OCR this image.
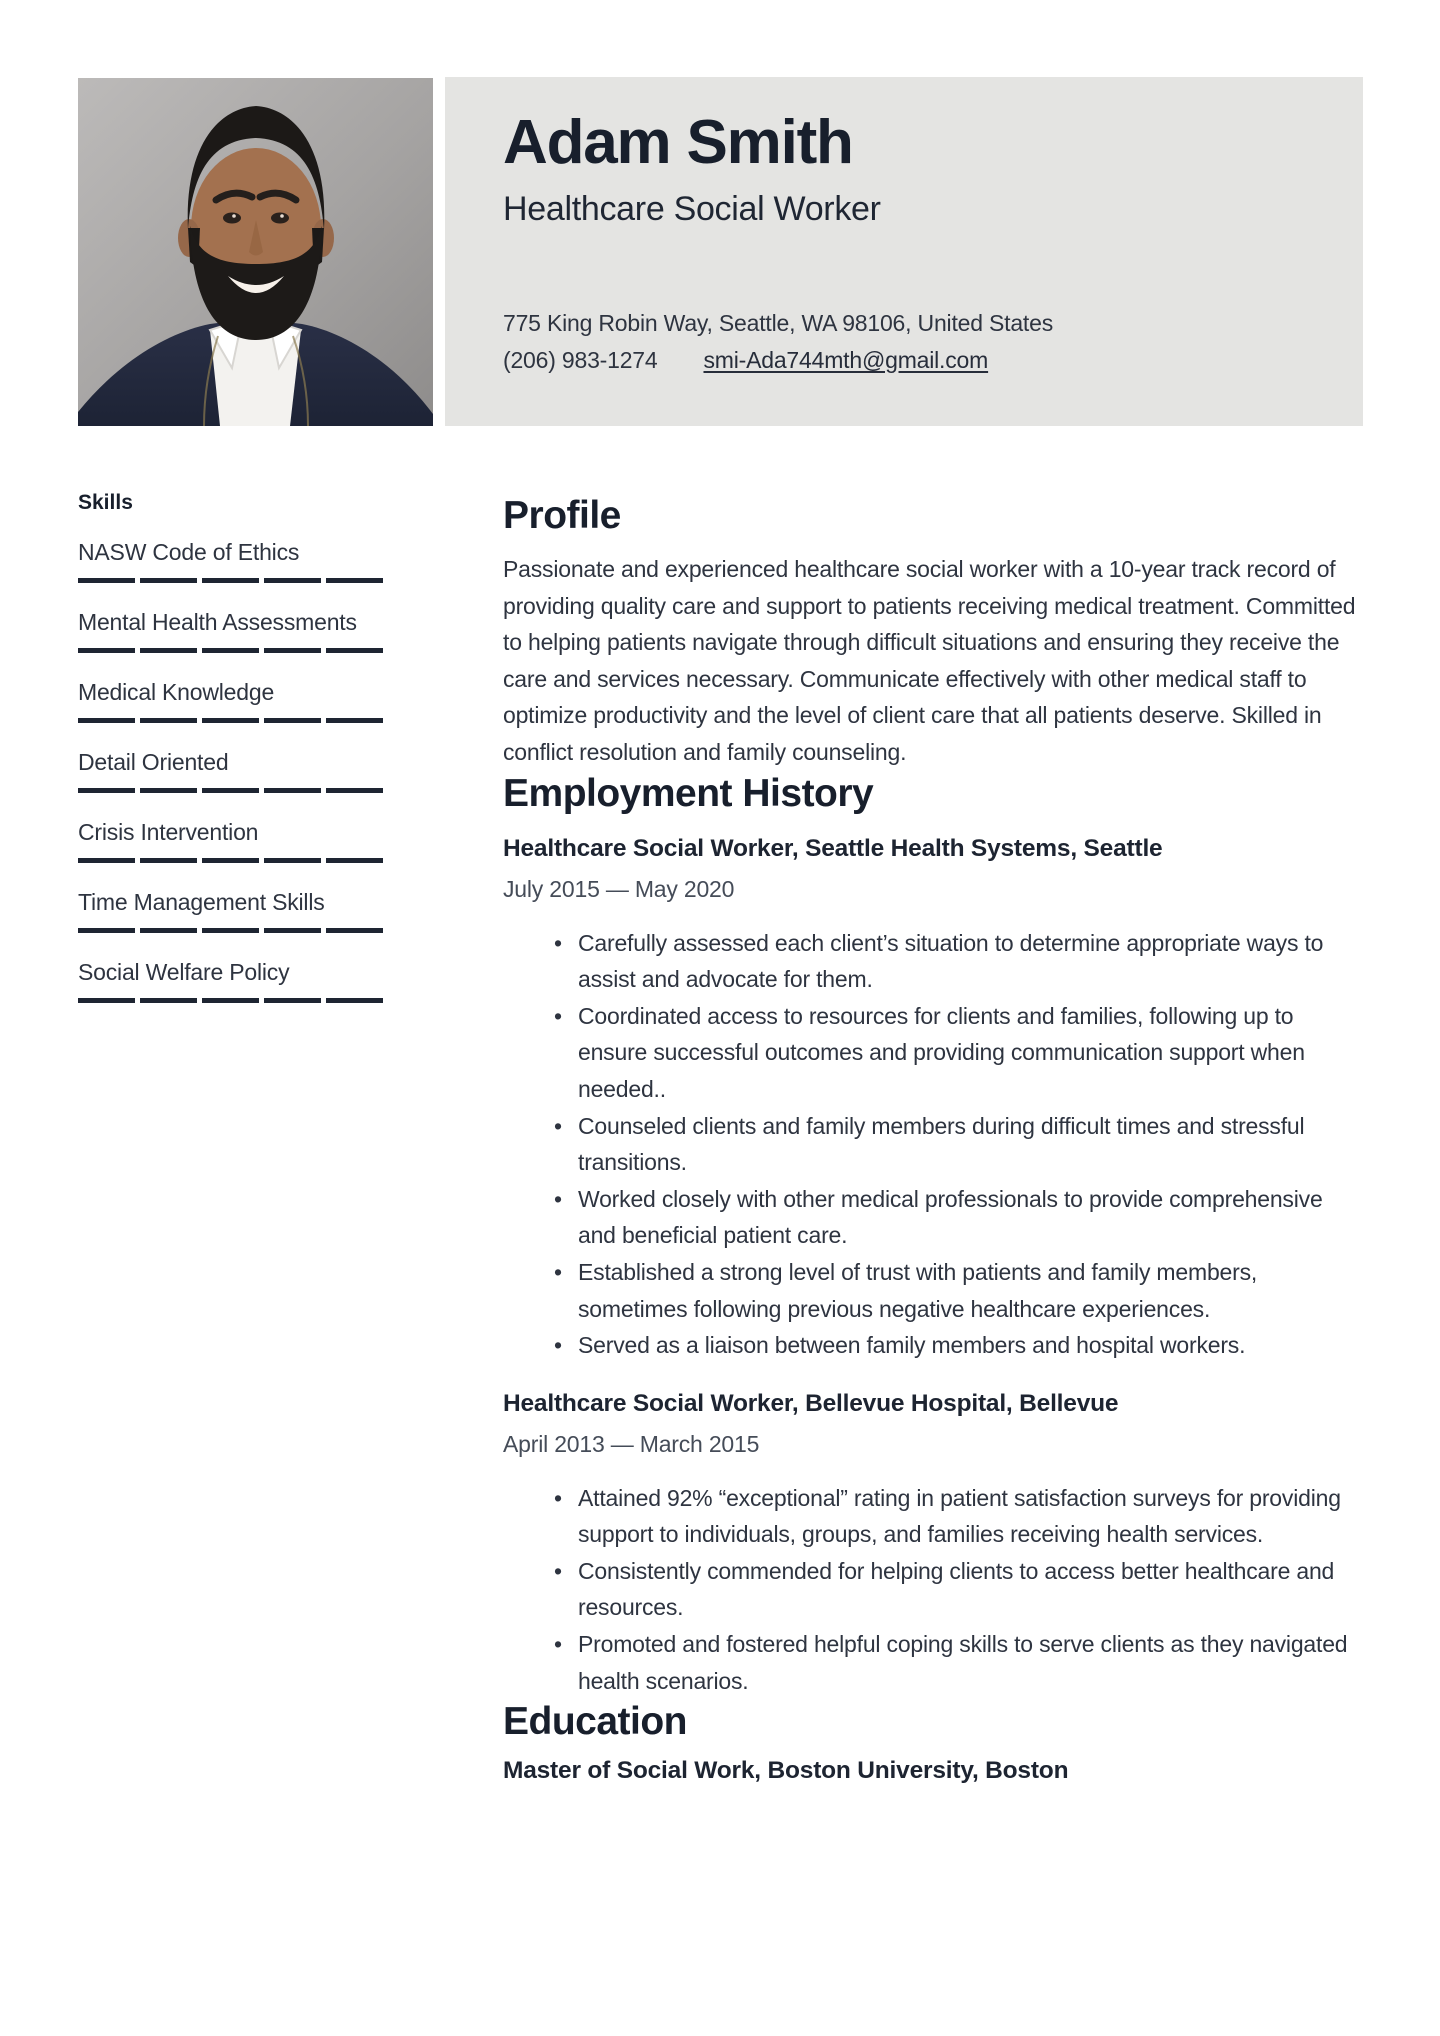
Adam Smith
Healthcare Social Worker
775 King Robin Way, Seattle, WA 98106, United States
(206) 983-1274 smi-Ada744mth@gmail.com
Skills
NASW Code of Ethics
Mental Health Assessments
Medical Knowledge
Detail Oriented
Crisis Intervention
Time Management Skills
Social Welfare Policy
Profile

Passionate and experienced healthcare social worker with a 10-year track record of providing quality care and support to patients receiving medical treatment. Committed to helping patients navigate through difficult situations and ensuring they receive the care and services necessary. Communicate effectively with other medical staff to optimize productivity and the level of client care that all patients deserve. Skilled in conflict resolution and family counseling.

Employment History
Healthcare Social Worker, Seattle Health Systems, Seattle
July 2015 — May 2020
• Carefully assessed each client’s situation to determine appropriate ways to assist and advocate for them.
• Coordinated access to resources for clients and families, following up to ensure successful outcomes and providing communication support when needed..
• Counseled clients and family members during difficult times and stressful transitions.
• Worked closely with other medical professionals to provide comprehensive and beneficial patient care.
• Established a strong level of trust with patients and family members, sometimes following previous negative healthcare experiences.
• Served as a liaison between family members and hospital workers.
Healthcare Social Worker, Bellevue Hospital, Bellevue
April 2013 — March 2015
• Attained 92% “exceptional” rating in patient satisfaction surveys for providing support to individuals, groups, and families receiving health services.
• Consistently commended for helping clients to access better healthcare and resources.
• Promoted and fostered helpful coping skills to serve clients as they navigated health scenarios.
Education
Master of Social Work, Boston University, Boston
